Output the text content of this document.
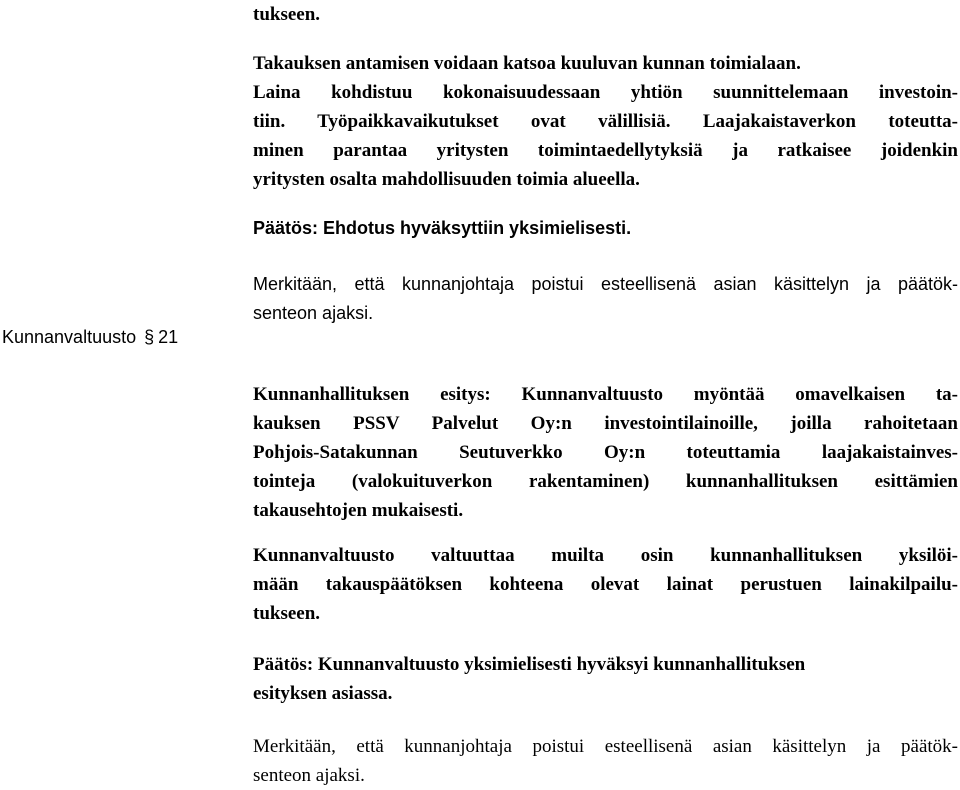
tukseen.

Takauksen antamisen voidaan katsoa kuuluvan kunnan toimialaan.
Laina kohdistuu kokonaisuudessaan yhtiön suunnittelemaan investoin-
tiin. Työpaikkavaikutukset ovat välillisiä. Laajakaistaverkon toteutta-
minen parantaa yritysten toimintaedellytyksiä ja ratkaisee joidenkin
yritysten osalta mahdollisuuden toimia alueella.

Päätös: Ehdotus hyväksyttiin yksimielisesti.

Merkitään, että kunnanjohtaja poistui esteellisenä asian käsittelyn ja päätök-
senteon ajaksi.

Kunnanvaltuusto § 21

Kunnanhallituksen esitys: Kunnanvaltuusto myöntää omavelkaisen ta-
kauksen PSSV Palvelut Oy:n investointilainoille, joilla rahoitetaan
Pohjois-Satakunnan Seutuverkko Oy:n toteuttamia laajakaistainves-
tointeja (valokuituverkon rakentaminen) kunnanhallituksen esittämien
takausehtojen mukaisesti.

Kunnanvaltuusto valtuuttaa muilta osin kunnanhallituksen yksilöi-
mään takauspäätöksen kohteena olevat lainat perustuen lainakilpailu-
tukseen.

Päätös: Kunnanvaltuusto yksimielisesti hyväksyi kunnanhallituksen
esityksen asiassa.

Merkitään, että kunnanjohtaja poistui esteellisenä asian käsittelyn ja päätök-
senteon ajaksi.
